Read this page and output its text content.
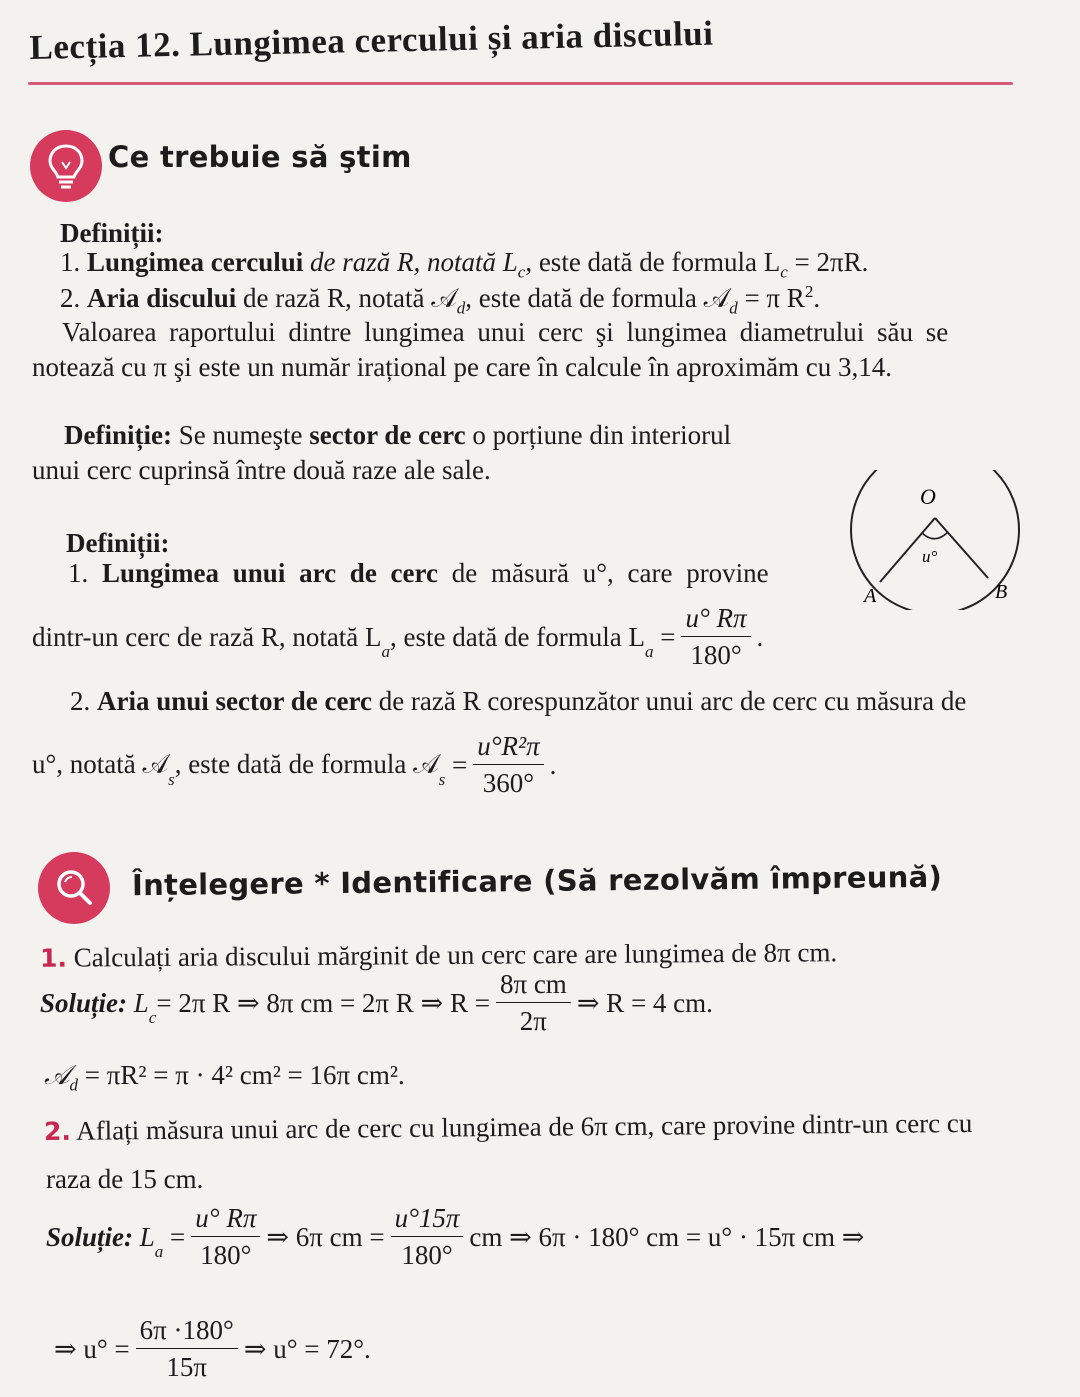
Lecția 12. Lungimea cercului și aria discului
Ce trebuie să ştim
Definiții:
1. Lungimea cercului de rază R, notată $L_c$, este dată de formula $L_c = 2\pi R$.
2. Aria discului de rază R, notată 𝒜$_d$, este dată de formula 𝒜$_d$ = π $R^2$.
Valoarea raportului dintre lungimea unui cerc şi lungimea diametrului său se
notează cu π şi este un număr irațional pe care în calcule în aproximăm cu 3,14.
Definiție: Se numeşte sector de cerc o porțiune din interiorul
unui cerc cuprinsă între două raze ale sale.
O
u°
A	B
Definiții:
1. Lungimea unui arc de cerc de măsură u°, care provine
dintr-un cerc de rază R, notată L
$_a$
, este dată de formula L
$_a$
= $\frac{u^\circ R\pi}{180^\circ}$ .
2. Aria unui sector de cerc de rază R corespunzător unui arc de cerc cu măsura de
u°, notată 𝒜
$_s$
, este dată de formula 𝒜
$_s$
= $\frac{\text{u°R²π}}{360^\circ}$ .
Înțelegere * Identificare (Să rezolvăm împreună)
1. Calculați aria discului mărginit de un cerc care are lungimea de 8π cm.
Soluție:
L
$_c$
= 2π R ⇒ 8π cm = 2π R ⇒ $R = \frac{\text{8π cm}}{2\pi}$ ⇒ R = 4 cm.
𝒜$_d$ = πR² = π · 4² cm² = 16π cm².
2. Aflați măsura unui arc de cerc cu lungimea de 6π cm, care provine dintr-un cerc cu
raza de 15 cm.
Soluție:
L
$_a$
= $\frac{u^\circ R\pi}{180^\circ}$ ⇒ 6π cm = $\frac{u^\circ 15\pi}{180^\circ}$ cm ⇒ 6π · 180° cm = u° · 15π cm ⇒
⇒ $u^\circ = \frac{6\pi \cdot 180^\circ}{15\pi}$ ⇒ u° = 72°.
